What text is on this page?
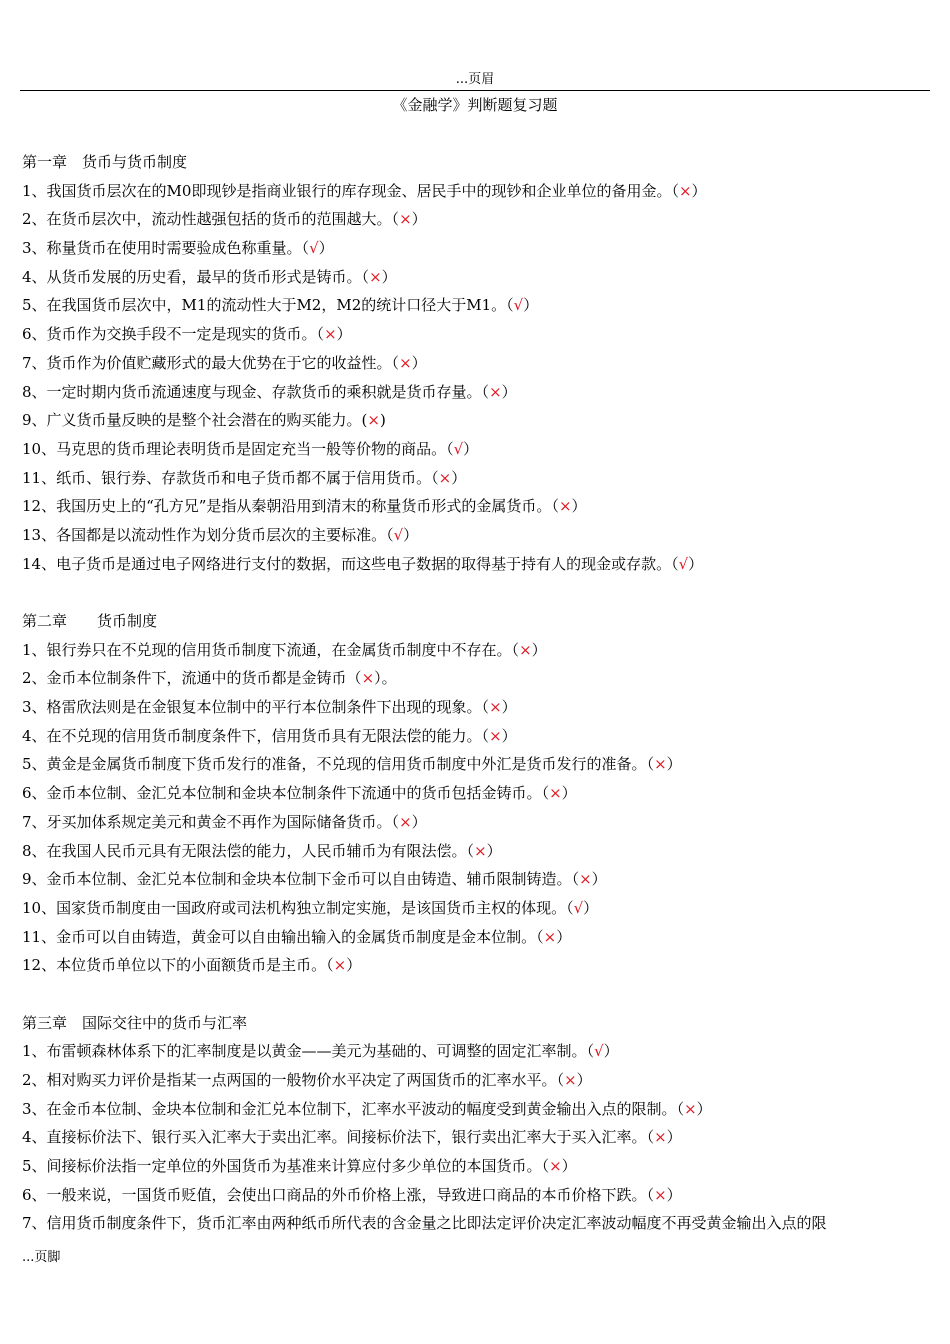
...页眉
《金融学》判断题复习题
第一章　货币与货币制度
1、我国货币层次在的M0即现钞是指商业银行的库存现金、居民手中的现钞和企业单位的备用金。（×）
2、在货币层次中，流动性越强包括的货币的范围越大。（×）
3、称量货币在使用时需要验成色称重量。（√）
4、从货币发展的历史看，最早的货币形式是铸币。（×）
5、在我国货币层次中，M1的流动性大于M2，M2的统计口径大于M1。（√）
6、货币作为交换手段不一定是现实的货币。（×）
7、货币作为价值贮藏形式的最大优势在于它的收益性。（×）
8、一定时期内货币流通速度与现金、存款货币的乘积就是货币存量。（×）
9、广义货币量反映的是整个社会潜在的购买能力。(×)
10、马克思的货币理论表明货币是固定充当一般等价物的商品。（√）
11、纸币、银行券、存款货币和电子货币都不属于信用货币。（×）
12、我国历史上的“孔方兄”是指从秦朝沿用到清末的称量货币形式的金属货币。（×）
13、各国都是以流动性作为划分货币层次的主要标准。（√）
14、电子货币是通过电子网络进行支付的数据，而这些电子数据的取得基于持有人的现金或存款。（√）
第二章　　货币制度
1、银行券只在不兑现的信用货币制度下流通，在金属货币制度中不存在。（×）
2、金币本位制条件下，流通中的货币都是金铸币（×）。
3、格雷欣法则是在金银复本位制中的平行本位制条件下出现的现象。（×）
4、在不兑现的信用货币制度条件下，信用货币具有无限法偿的能力。（×）
5、黄金是金属货币制度下货币发行的准备，不兑现的信用货币制度中外汇是货币发行的准备。（×）
6、金币本位制、金汇兑本位制和金块本位制条件下流通中的货币包括金铸币。（×）
7、牙买加体系规定美元和黄金不再作为国际储备货币。（×）
8、在我国人民币元具有无限法偿的能力，人民币辅币为有限法偿。（×）
9、金币本位制、金汇兑本位制和金块本位制下金币可以自由铸造、辅币限制铸造。（×）
10、国家货币制度由一国政府或司法机构独立制定实施，是该国货币主权的体现。（√）
11、金币可以自由铸造，黄金可以自由输出输入的金属货币制度是金本位制。（×）
12、本位货币单位以下的小面额货币是主币。（×）
第三章　国际交往中的货币与汇率
1、布雷顿森林体系下的汇率制度是以黄金——美元为基础的、可调整的固定汇率制。（√）
2、相对购买力评价是指某一点两国的一般物价水平决定了两国货币的汇率水平。（×）
3、在金币本位制、金块本位制和金汇兑本位制下，汇率水平波动的幅度受到黄金输出入点的限制。（×）
4、直接标价法下、银行买入汇率大于卖出汇率。间接标价法下，银行卖出汇率大于买入汇率。（×）
5、间接标价法指一定单位的外国货币为基准来计算应付多少单位的本国货币。（×）
6、一般来说，一国货币贬值，会使出口商品的外币价格上涨，导致进口商品的本币价格下跌。（×）
7、信用货币制度条件下，货币汇率由两种纸币所代表的含金量之比即法定评价决定汇率波动幅度不再受黄金输出入点的限
...页脚
